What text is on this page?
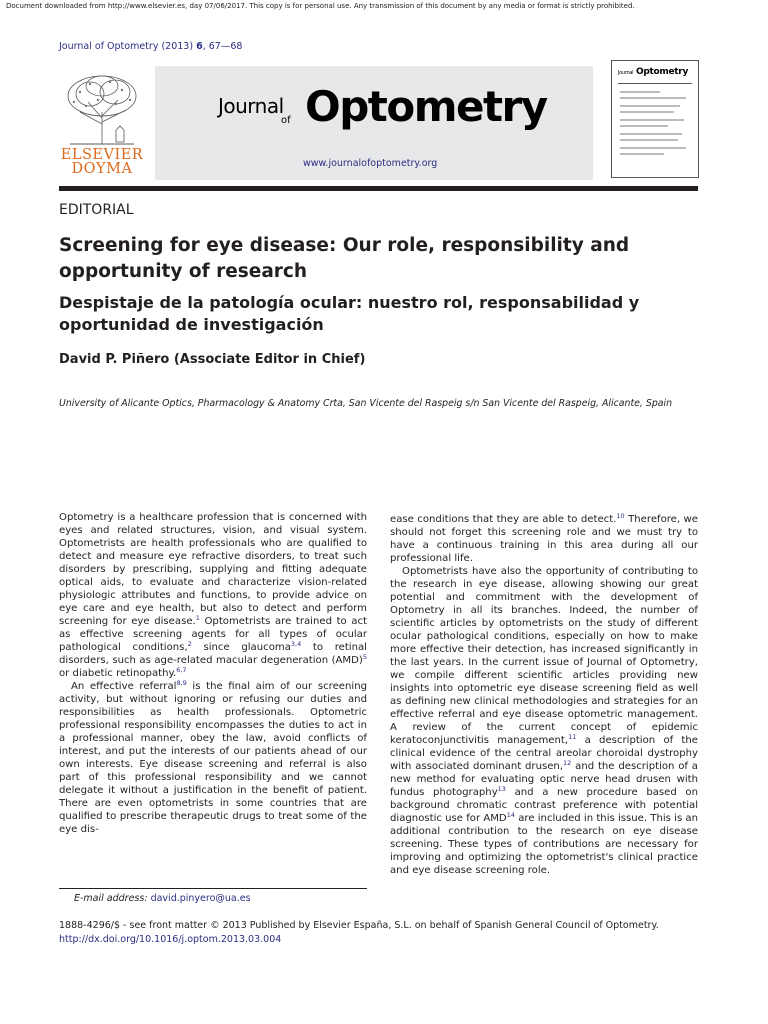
Document downloaded from http://www.elsevier.es, day 07/06/2017. This copy is for personal use. Any transmission of this document by any media or format is strictly prohibited.
Journal of Optometry (2013) 6, 67—68
ELSEVIER
DOYMA
Journal
of Optometry
www.journalofoptometry.org
Journal Optometry
EDITORIAL
Screening for eye disease: Our role, responsibility and opportunity of research
Despistaje de la patología ocular: nuestro rol, responsabilidad y oportunidad de investigación
David P. Piñero (Associate Editor in Chief)
University of Alicante Optics, Pharmacology & Anatomy Crta, San Vicente del Raspeig s/n San Vicente del Raspeig, Alicante, Spain

Optometry is a healthcare profession that is concerned with eyes and related structures, vision, and visual system. Optometrists are health professionals who are qualified to detect and measure eye refractive disorders, to treat such disorders by prescribing, supplying and fitting adequate optical aids, to evaluate and characterize vision-related physiologic attributes and functions, to provide advice on eye care and eye health, but also to detect and perform screening for eye disease.$^1$ Optometrists are trained to act as effective screening agents for all types of ocular pathological conditions,$^2$ since glaucoma$^{3,4}$ to retinal disorders, such as age-related macular degeneration (AMD)$^5$ or diabetic retinopathy.$^{6,7}$

An effective referral$^{8,9}$ is the final aim of our screening activity, but without ignoring or refusing our duties and responsibilities as health professionals. Optometric professional responsibility encompasses the duties to act in a professional manner, obey the law, avoid conflicts of interest, and put the interests of our patients ahead of our own interests. Eye disease screening and referral is also part of this professional responsibility and we cannot delegate it without a justification in the benefit of patient. There are even optometrists in some countries that are qualified to prescribe therapeutic drugs to treat some of the eye dis-

ease conditions that they are able to detect.$^{10}$ Therefore, we should not forget this screening role and we must try to have a continuous training in this area during all our professional life.

Optometrists have also the opportunity of contributing to the research in eye disease, allowing showing our great potential and commitment with the development of Optometry in all its branches. Indeed, the number of scientific articles by optometrists on the study of different ocular pathological conditions, especially on how to make more effective their detection, has increased significantly in the last years. In the current issue of Journal of Optometry, we compile different scientific articles providing new insights into optometric eye disease screening field as well as defining new clinical methodologies and strategies for an effective referral and eye disease optometric management. A review of the current concept of epidemic keratoconjunctivitis management,$^{11}$ a description of the clinical evidence of the central areolar choroidal dystrophy with associated dominant drusen,$^{12}$ and the description of a new method for evaluating optic nerve head drusen with fundus photography$^{13}$ and a new procedure based on background chromatic contrast preference with potential diagnostic use for AMD$^{14}$ are included in this issue. This is an additional contribution to the research on eye disease screening. These types of contributions are necessary for improving and optimizing the optometrist's clinical practice and eye disease screening role.

E-mail address: david.pinyero@ua.es
1888-4296/$ - see front matter © 2013 Published by Elsevier España, S.L. on behalf of Spanish General Council of Optometry.
http://dx.doi.org/10.1016/j.optom.2013.03.004
